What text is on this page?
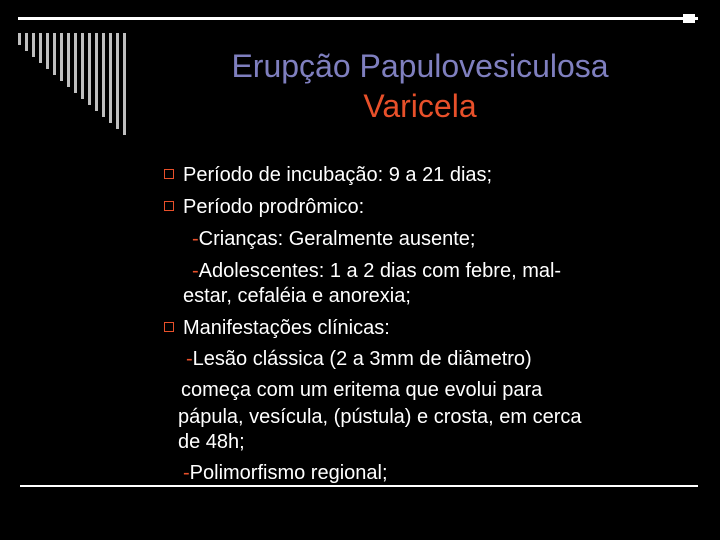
Erupção Papulovesiculosa
Varicela
Período de incubação: 9 a 21 dias;
Período prodrômico:
-Crianças: Geralmente ausente;
-Adolescentes: 1 a 2 dias com febre, mal-
estar, cefaléia e anorexia;
Manifestações clínicas:
-Lesão clássica (2 a 3mm de diâmetro)
começa com um eritema que evolui para
pápula, vesícula, (pústula) e crosta, em cerca
de 48h;
-Polimorfismo regional;
